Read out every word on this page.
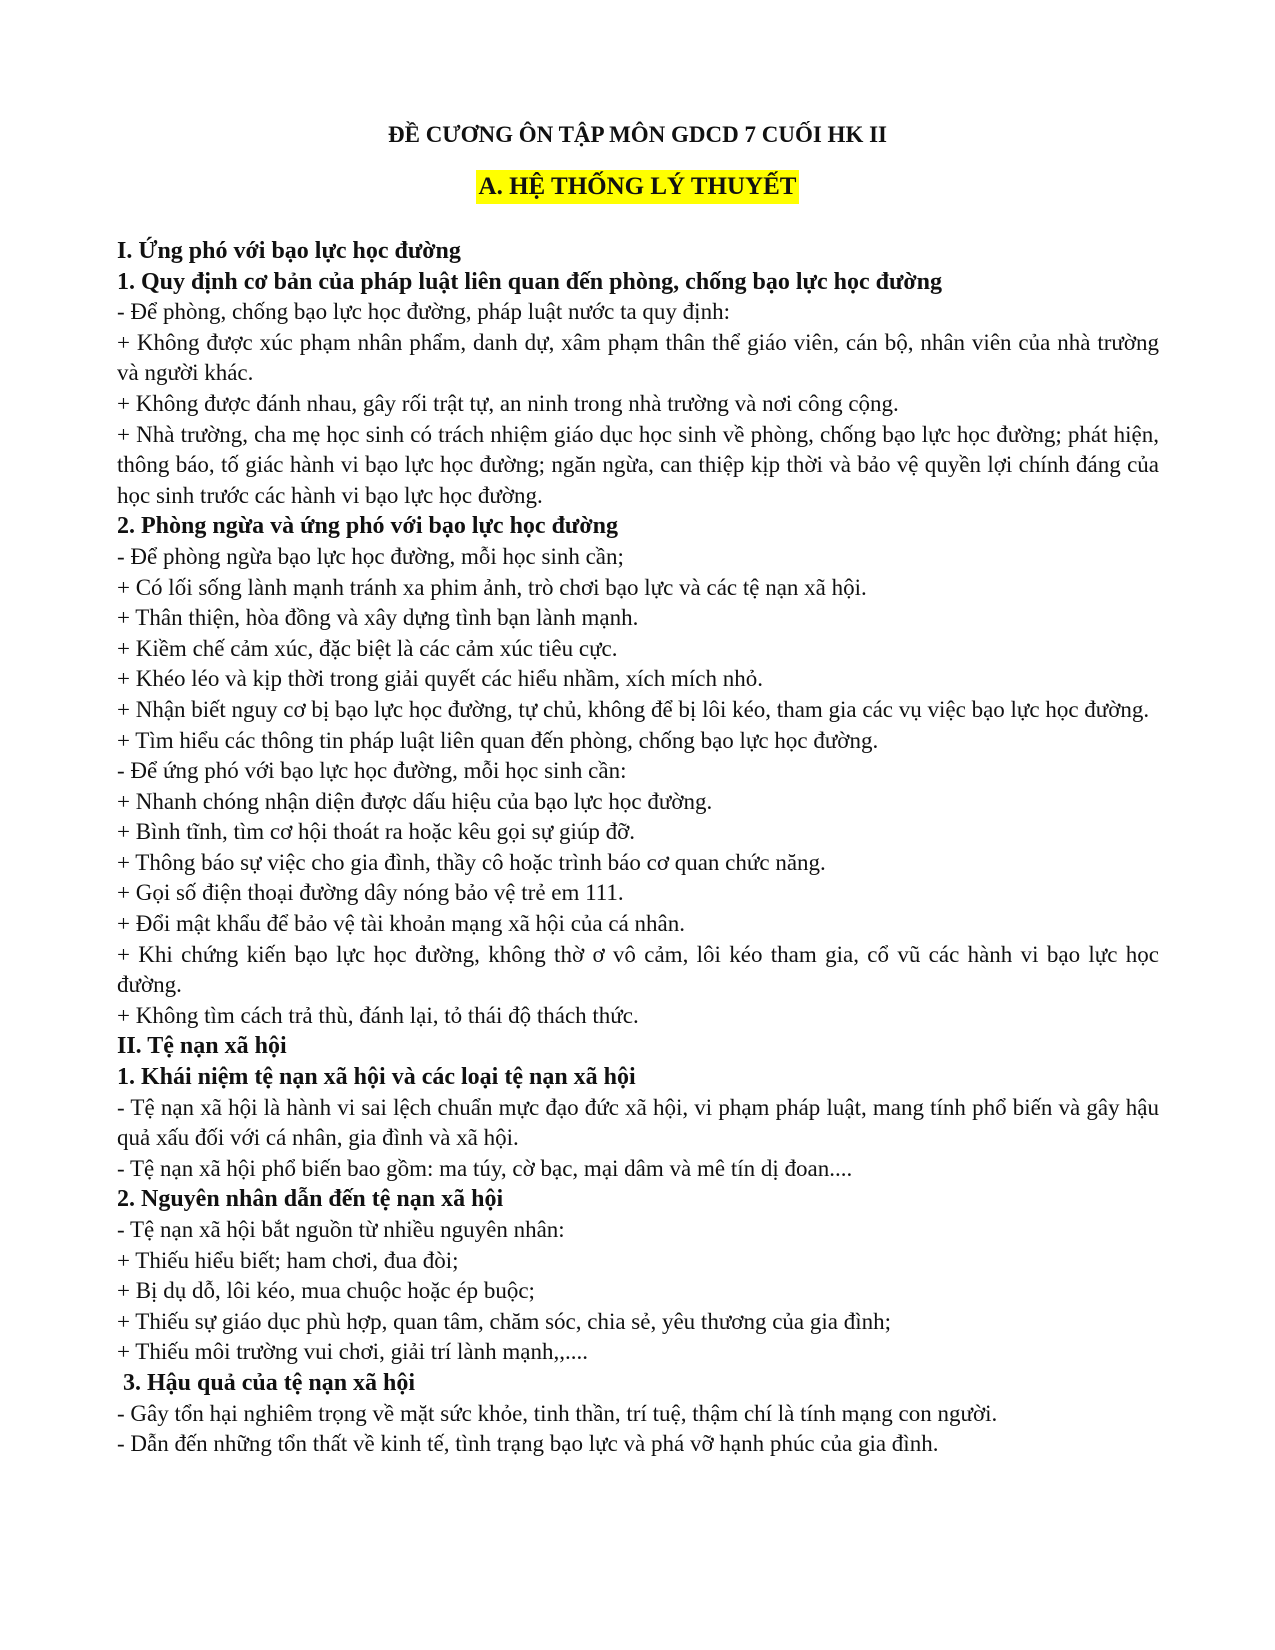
ĐỀ CƯƠNG ÔN TẬP MÔN GDCD 7 CUỐI HK II
A. HỆ THỐNG LÝ THUYẾT
I. Ứng phó với bạo lực học đường
1. Quy định cơ bản của pháp luật liên quan đến phòng, chống bạo lực học đường
- Để phòng, chống bạo lực học đường, pháp luật nước ta quy định:
+ Không được xúc phạm nhân phẩm, danh dự, xâm phạm thân thể giáo viên, cán bộ, nhân viên của nhà trường và người khác.
+ Không được đánh nhau, gây rối trật tự, an ninh trong nhà trường và nơi công cộng.
+ Nhà trường, cha mẹ học sinh có trách nhiệm giáo dục học sinh về phòng, chống bạo lực học đường; phát hiện, thông báo, tố giác hành vi bạo lực học đường; ngăn ngừa, can thiệp kịp thời và bảo vệ quyền lợi chính đáng của học sinh trước các hành vi bạo lực học đường.
2. Phòng ngừa và ứng phó với bạo lực học đường
- Để phòng ngừa bạo lực học đường, mỗi học sinh cần;
+ Có lối sống lành mạnh tránh xa phim ảnh, trò chơi bạo lực và các tệ nạn xã hội.
+ Thân thiện, hòa đồng và xây dựng tình bạn lành mạnh.
+ Kiềm chế cảm xúc, đặc biệt là các cảm xúc tiêu cực.
+ Khéo léo và kịp thời trong giải quyết các hiểu nhầm, xích mích nhỏ.
+ Nhận biết nguy cơ bị bạo lực học đường, tự chủ, không để bị lôi kéo, tham gia các vụ việc bạo lực học đường.
+ Tìm hiểu các thông tin pháp luật liên quan đến phòng, chống bạo lực học đường.
- Để ứng phó với bạo lực học đường, mỗi học sinh cần:
+ Nhanh chóng nhận diện được dấu hiệu của bạo lực học đường.
+ Bình tĩnh, tìm cơ hội thoát ra hoặc kêu gọi sự giúp đỡ.
+ Thông báo sự việc cho gia đình, thầy cô hoặc trình báo cơ quan chức năng.
+ Gọi số điện thoại đường dây nóng bảo vệ trẻ em 111.
+ Đổi mật khẩu để bảo vệ tài khoản mạng xã hội của cá nhân.
+ Khi chứng kiến bạo lực học đường, không thờ ơ vô cảm, lôi kéo tham gia, cổ vũ các hành vi bạo lực học đường.
+ Không tìm cách trả thù, đánh lại, tỏ thái độ thách thức.
II. Tệ nạn xã hội
1. Khái niệm tệ nạn xã hội và các loại tệ nạn xã hội
- Tệ nạn xã hội là hành vi sai lệch chuẩn mực đạo đức xã hội, vi phạm pháp luật, mang tính phổ biến và gây hậu quả xấu đối với cá nhân, gia đình và xã hội.
- Tệ nạn xã hội phổ biến bao gồm: ma túy, cờ bạc, mại dâm và mê tín dị đoan....
2. Nguyên nhân dẫn đến tệ nạn xã hội
- Tệ nạn xã hội bắt nguồn từ nhiều nguyên nhân:
+ Thiếu hiểu biết; ham chơi, đua đòi;
+ Bị dụ dỗ, lôi kéo, mua chuộc hoặc ép buộc;
+ Thiếu sự giáo dục phù hợp, quan tâm, chăm sóc, chia sẻ, yêu thương của gia đình;
+ Thiếu môi trường vui chơi, giải trí lành mạnh,,....
3. Hậu quả của tệ nạn xã hội
- Gây tổn hại nghiêm trọng về mặt sức khỏe, tinh thần, trí tuệ, thậm chí là tính mạng con người.
- Dẫn đến những tổn thất về kinh tế, tình trạng bạo lực và phá vỡ hạnh phúc của gia đình.
